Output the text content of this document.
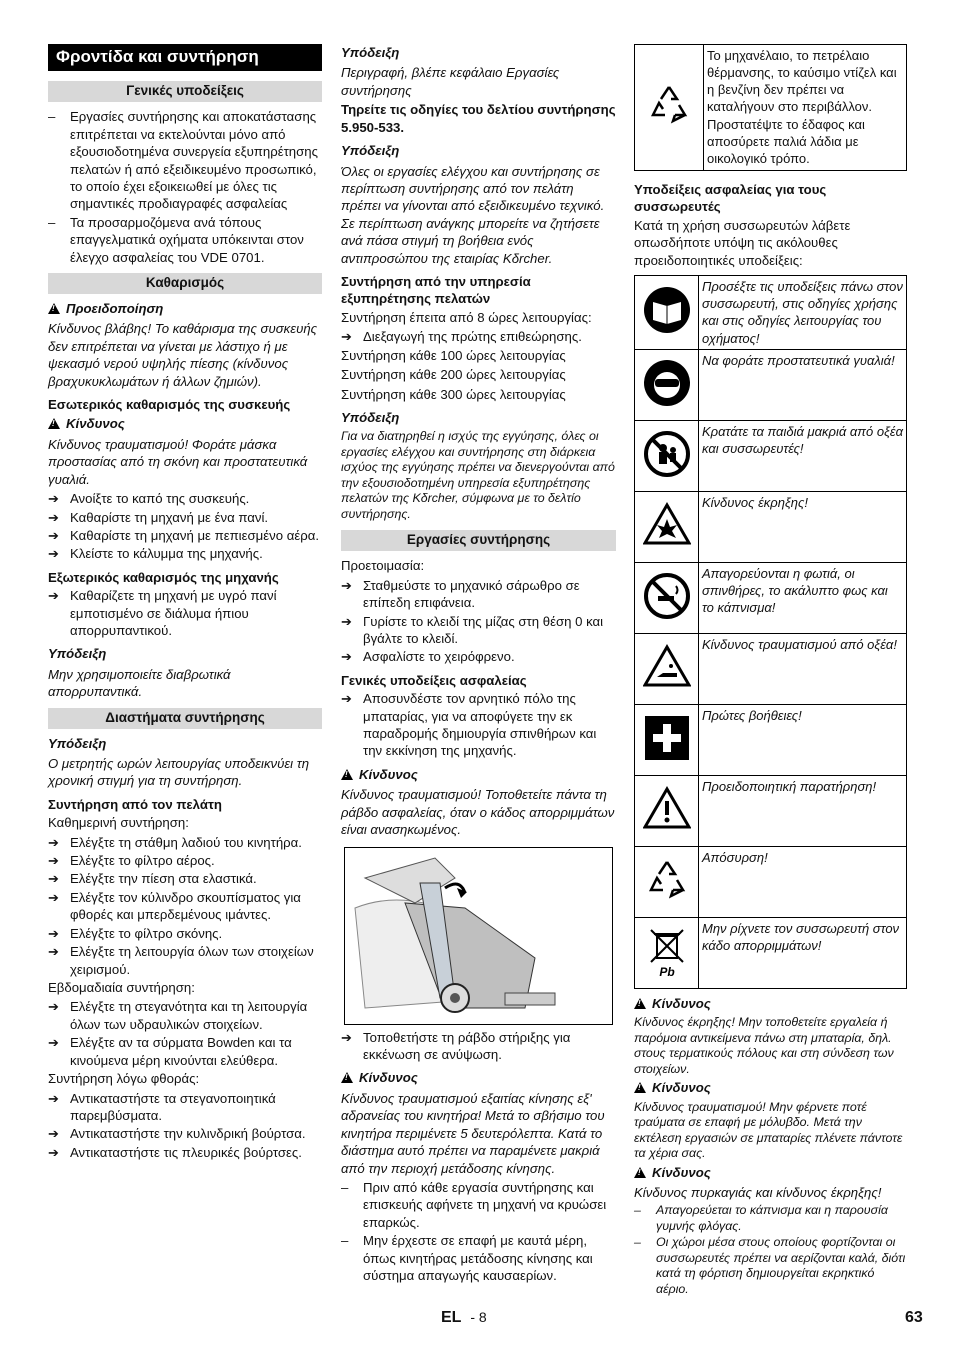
Φροντίδα και συντήρηση
Γενικές υποδείξεις
–	Εργασίες συντήρησης και αποκατάστασης επιτρέπεται να εκτελούνται μόνο από εξουσιοδοτημένα συνεργεία εξυπηρέτησης πελατών ή από εξειδικευμένο προσωπικό, το οποίο έχει εξοικειωθεί με όλες τις σημαντικές προδιαγραφές ασφαλείας
–	Τα προσαρμοζόμενα ανά τόπους επαγγελματικά οχήματα υπόκεινται στον έλεγχο ασφαλείας του VDE 0701.
Καθαρισμός
!Προειδοποίηση

Κίνδυνος βλάβης! Το καθάρισμα της συσκευής δεν επιτρέπεται να γίνεται με λάστιχο ή με ψεκασμό νερού υψηλής πίεσης (κίνδυνος βραχυκυκλωμάτων ή άλλων ζημιών).

Εσωτερικός καθαρισμός της συσκευής
!Κίνδυνος

Κίνδυνος τραυματισμού! Φοράτε μάσκα προστασίας από τη σκόνη και προστατευτικά γυαλιά.

➔ Ανοίξτε το καπό της συσκευής.
➔ Καθαρίστε τη μηχανή με ένα πανί.
➔ Καθαρίστε τη μηχανή με πεπιεσμένο αέρα.
➔ Κλείστε το κάλυμμα της μηχανής.
Εξωτερικός καθαρισμός της μηχανής
➔ Καθαρίζετε τη μηχανή με υγρό πανί εμποτισμένο σε διάλυμα ήπιου απορρυπαντικού.
Υπόδειξη

Μην χρησιμοποιείτε διαβρωτικά απορρυπαντικά.

Διαστήματα συντήρησης
Υπόδειξη

Ο μετρητής ωρών λειτουργίας υποδεικνύει τη χρονική στιγμή για τη συντήρηση.

Συντήρηση από τον πελάτη

Καθημερινή συντήρηση:

➔ Ελέγξτε τη στάθμη λαδιού του κινητήρα.
➔ Ελέγξτε το φίλτρο αέρος.
➔ Ελέγξτε την πίεση στα ελαστικά.
➔ Ελέγξτε τον κύλινδρο σκουπίσματος για φθορές και μπερδεμένους ιμάντες.
➔ Ελέγξτε το φίλτρο σκόνης.
➔ Ελέγξτε τη λειτουργία όλων των στοιχείων χειρισμού.

Εβδομαδιαία συντήρηση:

➔ Ελέγξτε τη στεγανότητα και τη λειτουργία όλων των υδραυλικών στοιχείων.
➔ Ελέγξτε αν τα σύρματα Bowden και τα κινούμενα μέρη κινούνται ελεύθερα.

Συντήρηση λόγω φθοράς:

➔ Αντικαταστήστε τα στεγανοποιητικά παρεμβύσματα.
➔ Αντικαταστήστε την κυλινδρική βούρτσα.
➔ Αντικαταστήστε τις πλευρικές βούρτσες.
Υπόδειξη

Περιγραφή, βλέπε κεφάλαιο Εργασίες συντήρησης

Τηρείτε τις οδηγίες του δελτίου συντήρησης 5.950-533.

Υπόδειξη

Όλες οι εργασίες ελέγχου και συντήρησης σε περίπτωση συντήρησης από τον πελάτη πρέπει να γίνονται από εξειδικευμένο τεχνικό. Σε περίπτωση ανάγκης μπορείτε να ζητήσετε ανά πάσα στιγμή τη βοήθεια ενός αντιπροσώπου της εταιρίας Kδrcher.

Συντήρηση από την υπηρεσία εξυπηρέτησης πελατών

Συντήρηση έπειτα από 8 ώρες λειτουργίας:

➔ Διεξαγωγή της πρώτης επιθεώρησης.

Συντήρηση κάθε 100 ώρες λειτουργίας

Συντήρηση κάθε 200 ώρες λειτουργίας

Συντήρηση κάθε 300 ώρες λειτουργίας

Υπόδειξη

Για να διατηρηθεί η ισχύς της εγγύησης, όλες οι εργασίες ελέγχου και συντήρησης στη διάρκεια ισχύος της εγγύησης πρέπει να διενεργούνται από την εξουσιοδοτημένη υπηρεσία εξυπηρέτησης πελατών της Kδrcher, σύμφωνα με το δελτίο συντήρησης.

Εργασίες συντήρησης

Προετοιμασία:

➔ Σταθμεύστε το μηχανικό σάρωθρο σε επίπεδη επιφάνεια.
➔ Γυρίστε το κλειδί της μίζας στη θέση 0 και βγάλτε το κλειδί.
➔ Ασφαλίστε το χειρόφρενο.
Γενικές υποδείξεις ασφαλείας
➔ Αποσυνδέστε τον αρνητικό πόλο της μπαταρίας, για να αποφύγετε την εκ παραδρομής δημιουργία σπινθήρων και την εκκίνηση της μηχανής.
!Κίνδυνος

Κίνδυνος τραυματισμού! Τοποθετείτε πάντα τη ράβδο ασφαλείας, όταν ο κάδος απορριμμάτων είναι ανασηκωμένος.

➔ Τοποθετήστε τη ράβδο στήριξης για εκκένωση σε ανύψωση.
!Κίνδυνος

Κίνδυνος τραυματισμού εξαιτίας κίνησης εξ' αδρανείας του κινητήρα! Μετά το σβήσιμο του κινητήρα περιμένετε 5 δευτερόλεπτα. Κατά το διάστημα αυτό πρέπει να παραμένετε μακριά από την περιοχή μετάδοσης κίνησης.

–	Πριν από κάθε εργασία συντήρησης και επισκευής αφήνετε τη μηχανή να κρυώσει επαρκώς.
–	Μην έρχεστε σε επαφή με καυτά μέρη, όπως κινητήρας μετάδοσης κίνησης και σύστημα απαγωγής καυσαερίων.
	Το μηχανέλαιο, το πετρέλαιο θέρμανσης, το καύσιμο ντίζελ και η βενζίνη δεν πρέπει να καταλήγουν στο περιβάλλον. Προστατέψτε το έδαφος και αποσύρετε παλιά λάδια με οικολογικό τρόπο.
Υποδείξεις ασφαλείας για τους συσσωρευτές

Κατά τη χρήση συσσωρευτών λάβετε οπωσδήποτε υπόψη τις ακόλουθες προειδοποιητικές υποδείξεις:

	Προσέξτε τις υποδείξεις πάνω στον συσσωρευτή, στις οδηγίες χρήσης και στις οδηγίες λειτουργίας του οχήματος!
	Να φοράτε προστατευτικά γυαλιά!
	Κρατάτε τα παιδιά μακριά από οξέα και συσσωρευτές!
	Κίνδυνος έκρηξης!
	Απαγορεύονται η φωτιά, οι σπινθήρες, το ακάλυπτο φως και το κάπνισμα!
	Κίνδυνος τραυματισμού από οξέα!
	Πρώτες βοήθειες!
	Προειδοποιητική παρατήρηση!
	Απόσυρση!

Pb	Μην ρίχνετε τον συσσωρευτή στον κάδο απορριμμάτων!
!Κίνδυνος

Κίνδυνος έκρηξης! Μην τοποθετείτε εργαλεία ή παρόμοια αντικείμενα πάνω στη μπαταρία, δηλ. στους τερματικούς πόλους και στη σύνδεση των στοιχείων.

!Κίνδυνος

Κίνδυνος τραυματισμού! Μην φέρνετε ποτέ τραύματα σε επαφή με μόλυβδο. Μετά την εκτέλεση εργασιών σε μπαταρίες πλένετε πάντοτε τα χέρια σας.

!Κίνδυνος

Κίνδυνος πυρκαγιάς και κίνδυνος έκρηξης!

–	Απαγορεύεται το κάπνισμα και η παρουσία γυμνής φλόγας.
–	Οι χώροι μέσα στους οποίους φορτίζονται οι συσσωρευτές πρέπει να αερίζονται καλά, διότι κατά τη φόρτιση δημιουργείται εκρηκτικό αέριο.
EL - 8	63
